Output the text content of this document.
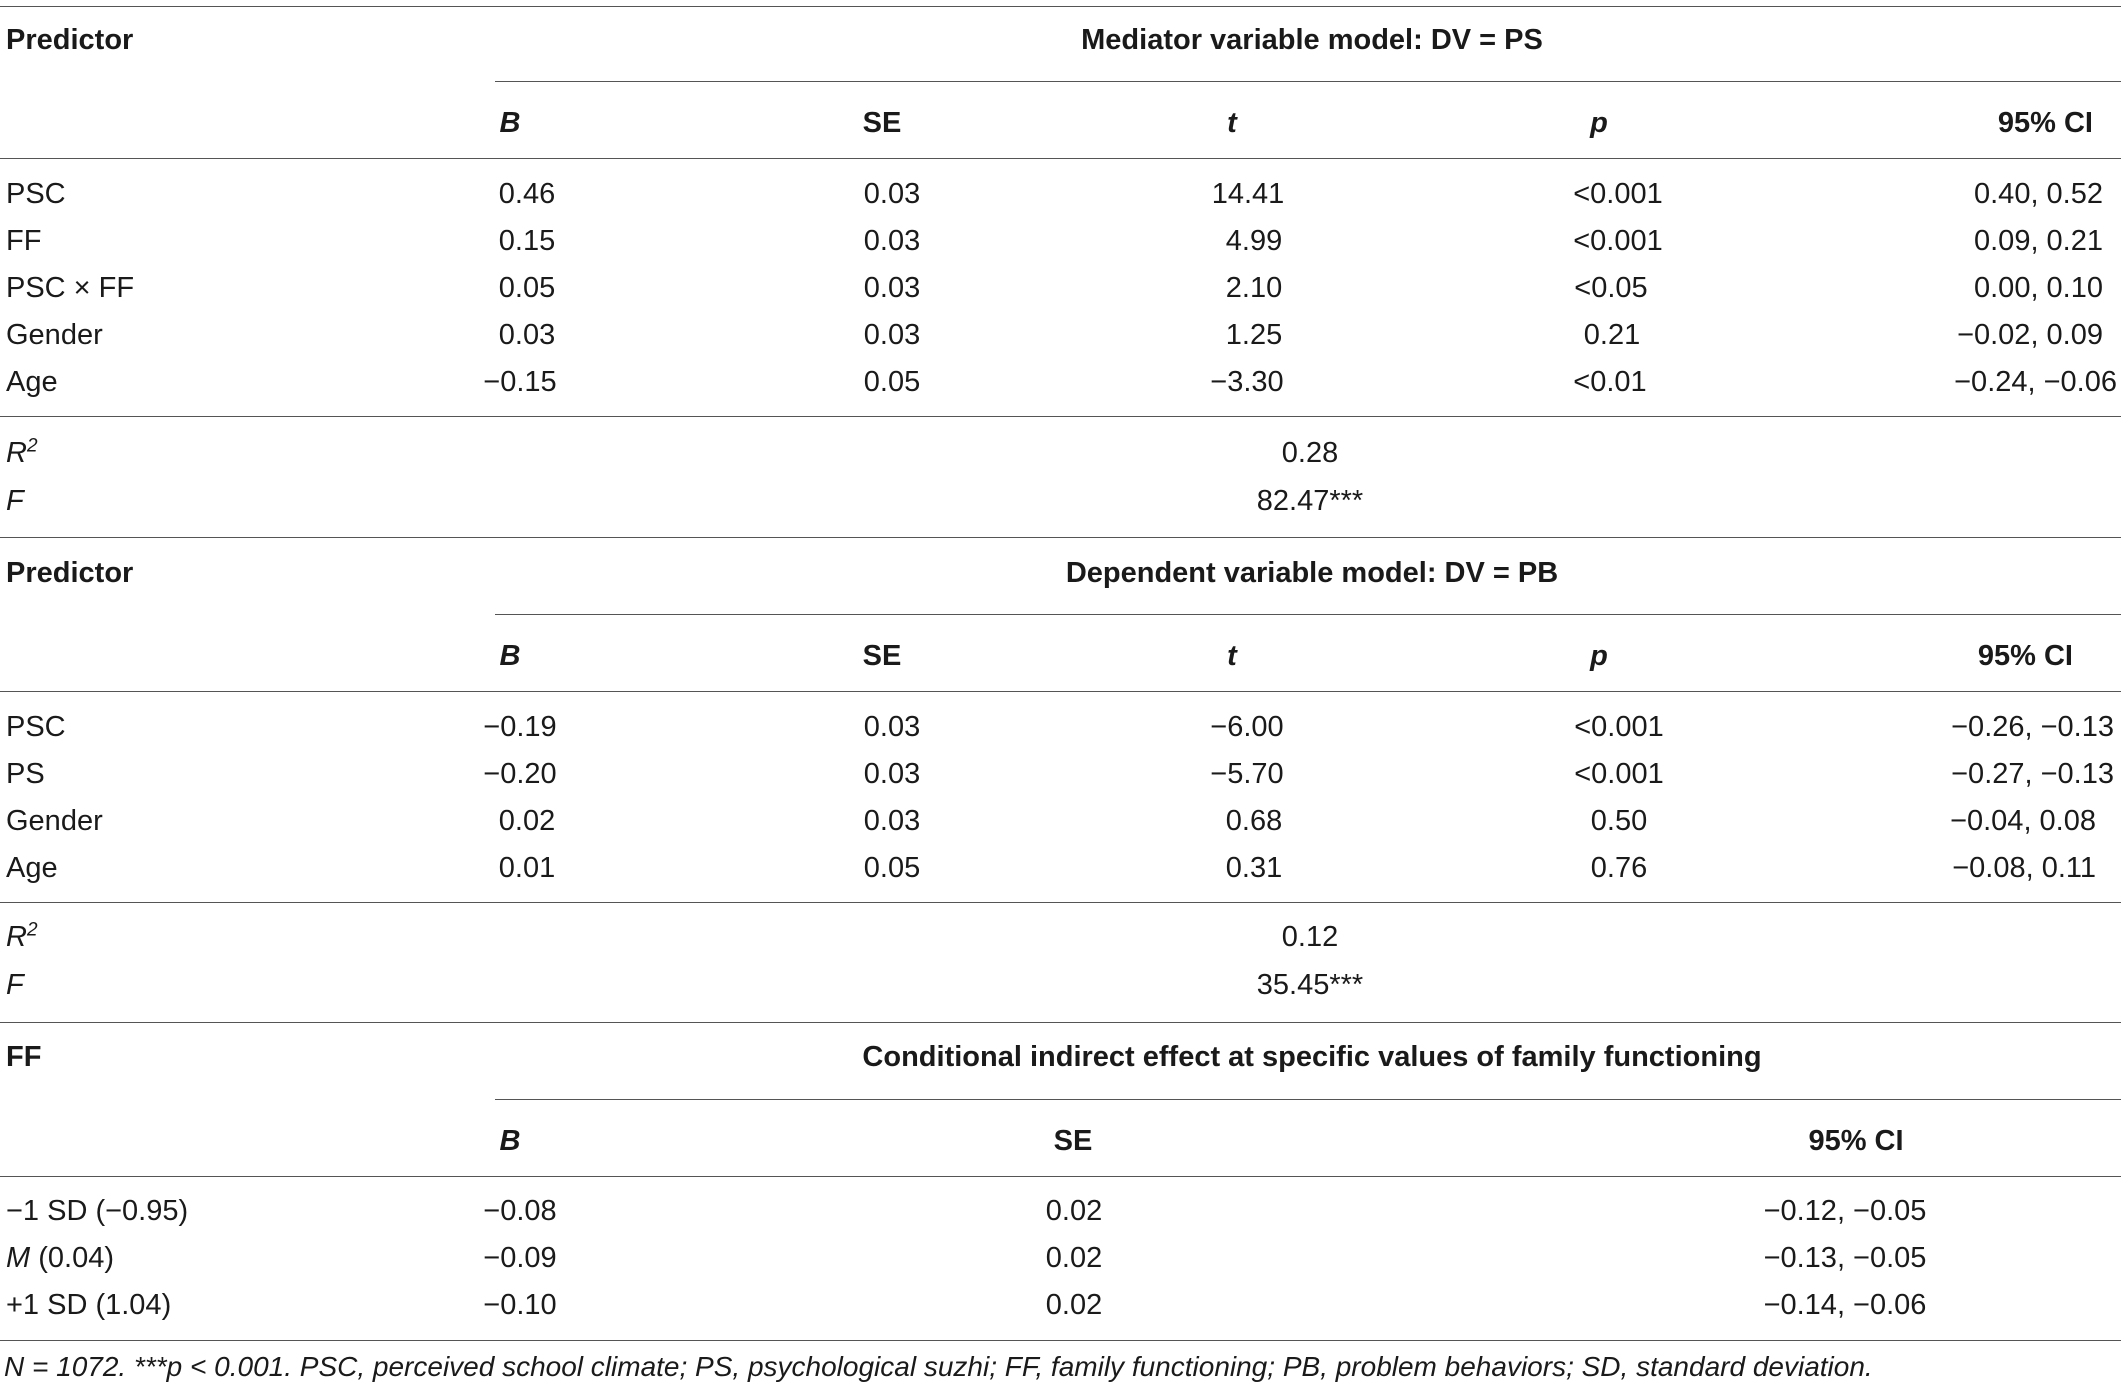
Predictor	Mediator variable model: DV = PS
B	SE	t	p	95% CI
PSC	0.46	0.03	14.41	<0.001	0.40, 0.52
FF	0.15	0.03	4.99	<0.001	0.09, 0.21
PSC × FF	0.05	0.03	2.10	<0.05	0.00, 0.10
Gender	0.03	0.03	1.25	0.21	−0.02, 0.09
Age	−0.15	0.05	−3.30	<0.01	−0.24, −0.06
$R^2$	0.28
F	82.47***
Predictor	Dependent variable model: DV = PB
B	SE	t	p	95% CI
PSC	−0.19	0.03	−6.00	<0.001	−0.26, −0.13
PS	−0.20	0.03	−5.70	<0.001	−0.27, −0.13
Gender	0.02	0.03	0.68	0.50	−0.04, 0.08
Age	0.01	0.05	0.31	0.76	−0.08, 0.11
$R^2$	0.12
F	35.45***
FF	Conditional indirect effect at specific values of family functioning
B	SE	95% CI
−1 SD (−0.95)	−0.08	0.02	−0.12, −0.05
M (0.04)	−0.09	0.02	−0.13, −0.05
+1 SD (1.04)	−0.10	0.02	−0.14, −0.06
N = 1072. ***p < 0.001. PSC, perceived school climate; PS, psychological suzhi; FF, family functioning; PB, problem behaviors; SD, standard deviation.
